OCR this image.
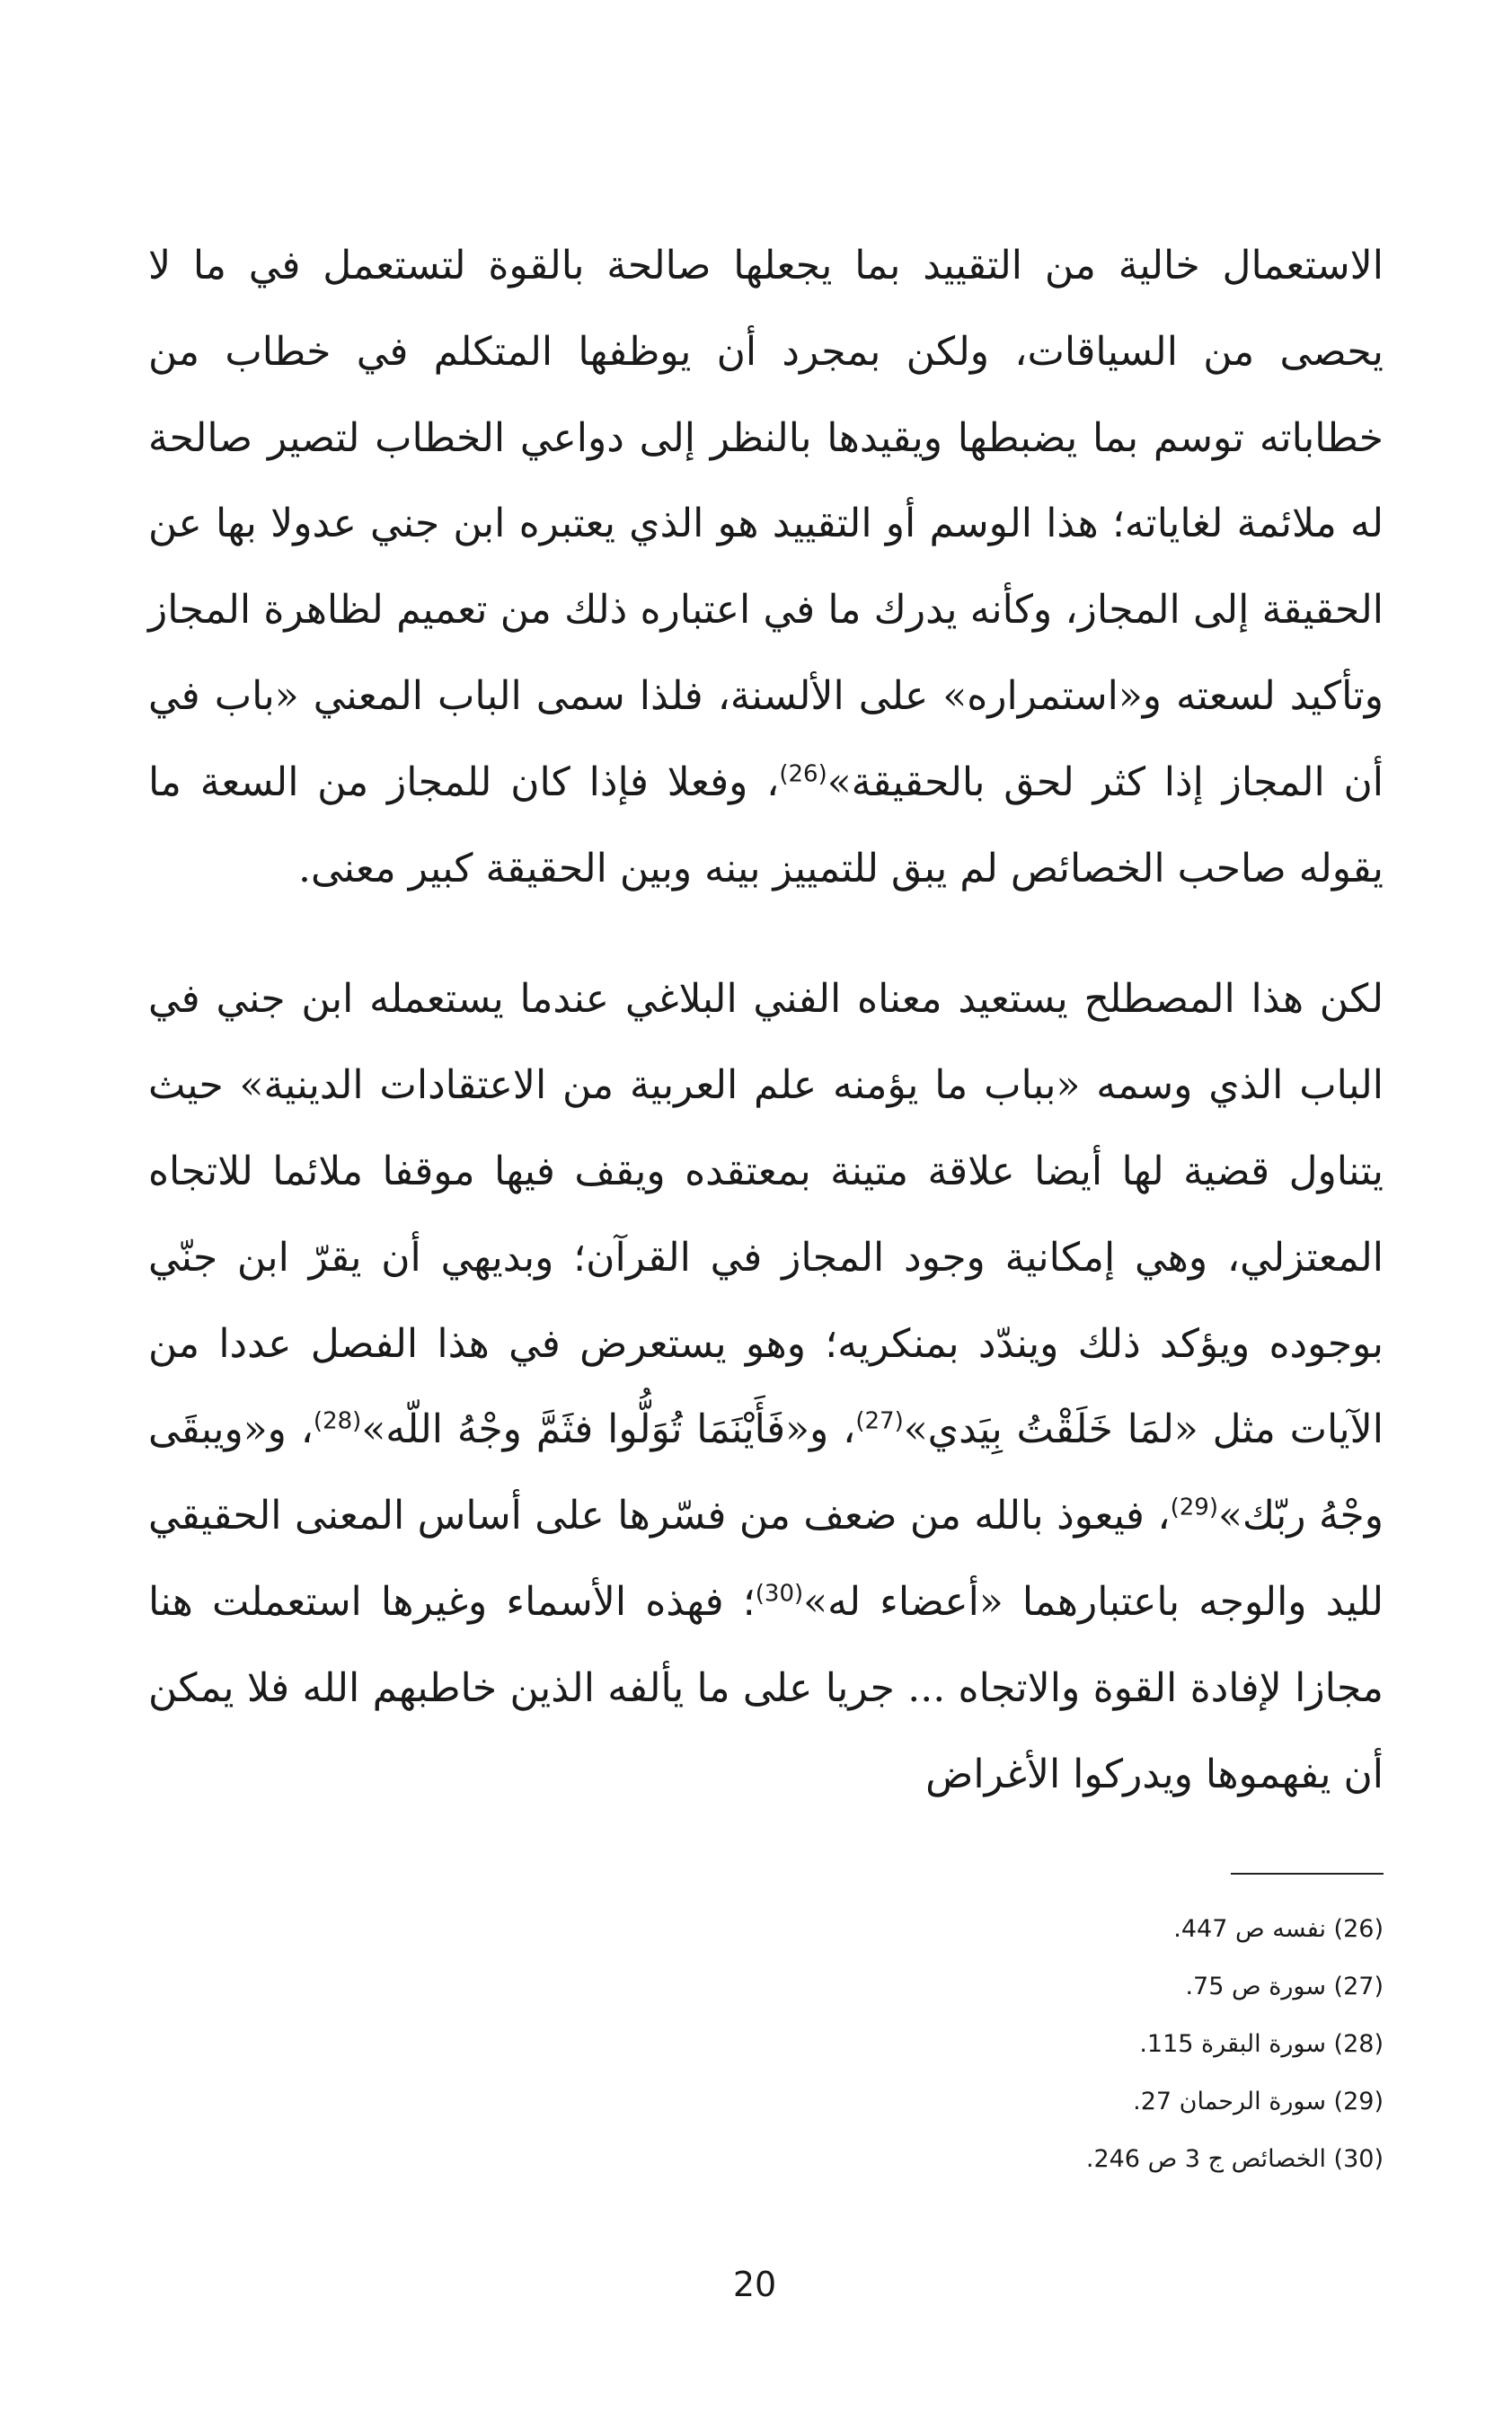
الاستعمال خالية من التقييد بما يجعلها صالحة بالقوة لتستعمل في ما لا يحصى من السياقات، ولكن بمجرد أن يوظفها المتكلم في خطاب من خطاباته توسم بما يضبطها ويقيدها بالنظر إلى دواعي الخطاب لتصير صالحة له ملائمة لغاياته؛ هذا الوسم أو التقييد هو الذي يعتبره ابن جني عدولا بها عن الحقيقة إلى المجاز، وكأنه يدرك ما في اعتباره ذلك من تعميم لظاهرة المجاز وتأكيد لسعته و«استمراره» على الألسنة، فلذا سمى الباب المعني «باب في أن المجاز إذا كثر لحق بالحقيقة»$^{(26)}$، وفعلا فإذا كان للمجاز من السعة ما يقوله صاحب الخصائص لم يبق للتمييز بينه وبين الحقيقة كبير معنى.

لكن هذا المصطلح يستعيد معناه الفني البلاغي عندما يستعمله ابن جني في الباب الذي وسمه «بباب ما يؤمنه علم العربية من الاعتقادات الدينية» حيث يتناول قضية لها أيضا علاقة متينة بمعتقده ويقف فيها موقفا ملائما للاتجاه المعتزلي، وهي إمكانية وجود المجاز في القرآن؛ وبديهي أن يقرّ ابن جنّي بوجوده ويؤكد ذلك ويندّد بمنكريه؛ وهو يستعرض في هذا الفصل عددا من الآيات مثل «لمَا خَلَقْتُ بِيَدي»$^{(27)}$، و«فَأَيْنَمَا تُوَلُّوا فثَمَّ وجْهُ اللّه»$^{(28)}$، و«ويبقَى وجْهُ ربّك»$^{(29)}$، فيعوذ بالله من ضعف من فسّرها على أساس المعنى الحقيقي لليد والوجه باعتبارهما «أعضاء له»$^{(30)}$؛ فهذه الأسماء وغيرها استعملت هنا مجازا لإفادة القوة والاتجاه ... جريا على ما يألفه الذين خاطبهم الله فلا يمكن أن يفهموها ويدركوا الأغراض

(26) نفسه ص 447.
(27) سورة ص 75.
(28) سورة البقرة 115.
(29) سورة الرحمان 27.
(30) الخصائص ج 3 ص 246.
20
